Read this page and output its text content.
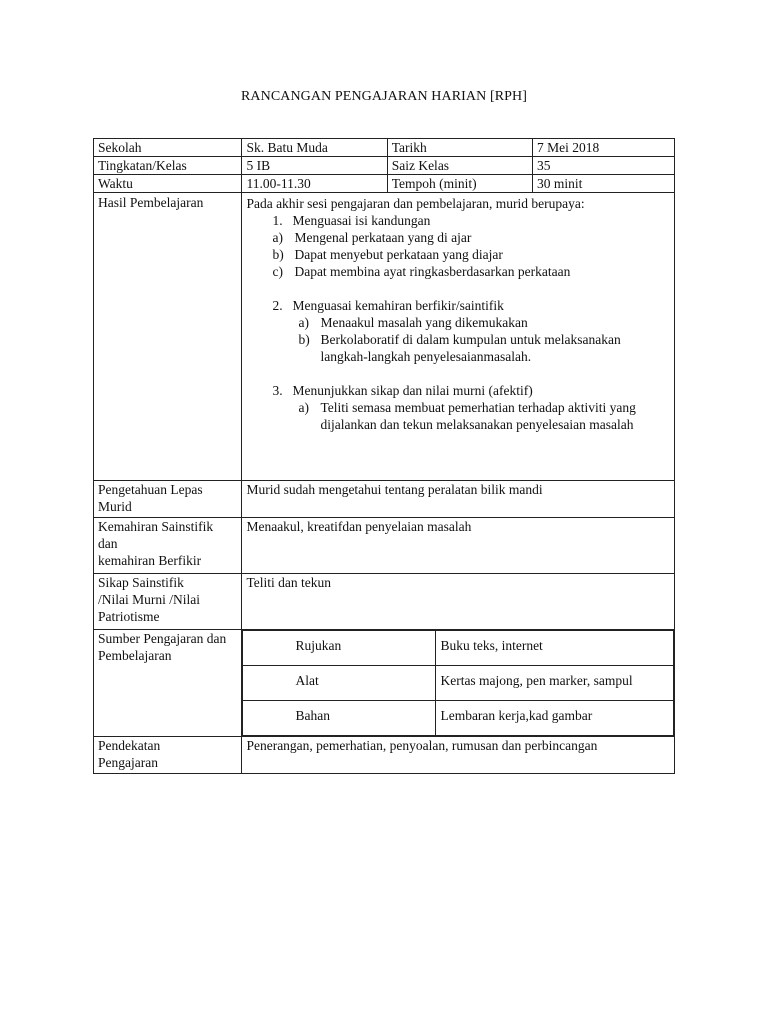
RANCANGAN PENGAJARAN HARIAN [RPH]
Sekolah	Sk. Batu Muda	Tarikh	7 Mei 2018
Tingkatan/Kelas	5 IB	Saiz Kelas	35
Waktu	11.00-11.30	Tempoh (minit)	30 minit
Hasil Pembelajaran	Pada akhir sesi pengajaran dan pembelajaran, murid berupaya:
1. Menguasai isi kandungan
a) Mengenal perkataan yang di ajar
b) Dapat menyebut perkataan yang diajar
c) Dapat membina ayat ringkasberdasarkan perkataan
2. Menguasai kemahiran berfikir/saintifik
a) Menaakul masalah yang dikemukakan
b) Berkolaboratif di dalam kumpulan untuk melaksanakan langkah-langkah penyelesaianmasalah.
3. Menunjukkan sikap dan nilai murni (afektif)
a) Teliti semasa membuat pemerhatian terhadap aktiviti yang dijalankan dan tekun melaksanakan penyelesaian masalah

Pengetahuan Lepas Murid	Murid sudah mengetahui tentang peralatan bilik mandi

Kemahiran Sainstifik
dan
kemahiran Berfikir
	Menaakul, kreatifdan penyelaian masalah

Sikap Sainstifik
/Nilai Murni /Nilai
Patriotisme
	Teliti dan tekun
Sumber Pengajaran dan Pembelajaran	
Rujukan	Buku teks, internet
Alat	Kertas majong, pen marker, sampul
Bahan	Lembaran kerja,kad gambar

Pendekatan
Pengajaran
	Penerangan, pemerhatian, penyoalan, rumusan dan perbincangan
